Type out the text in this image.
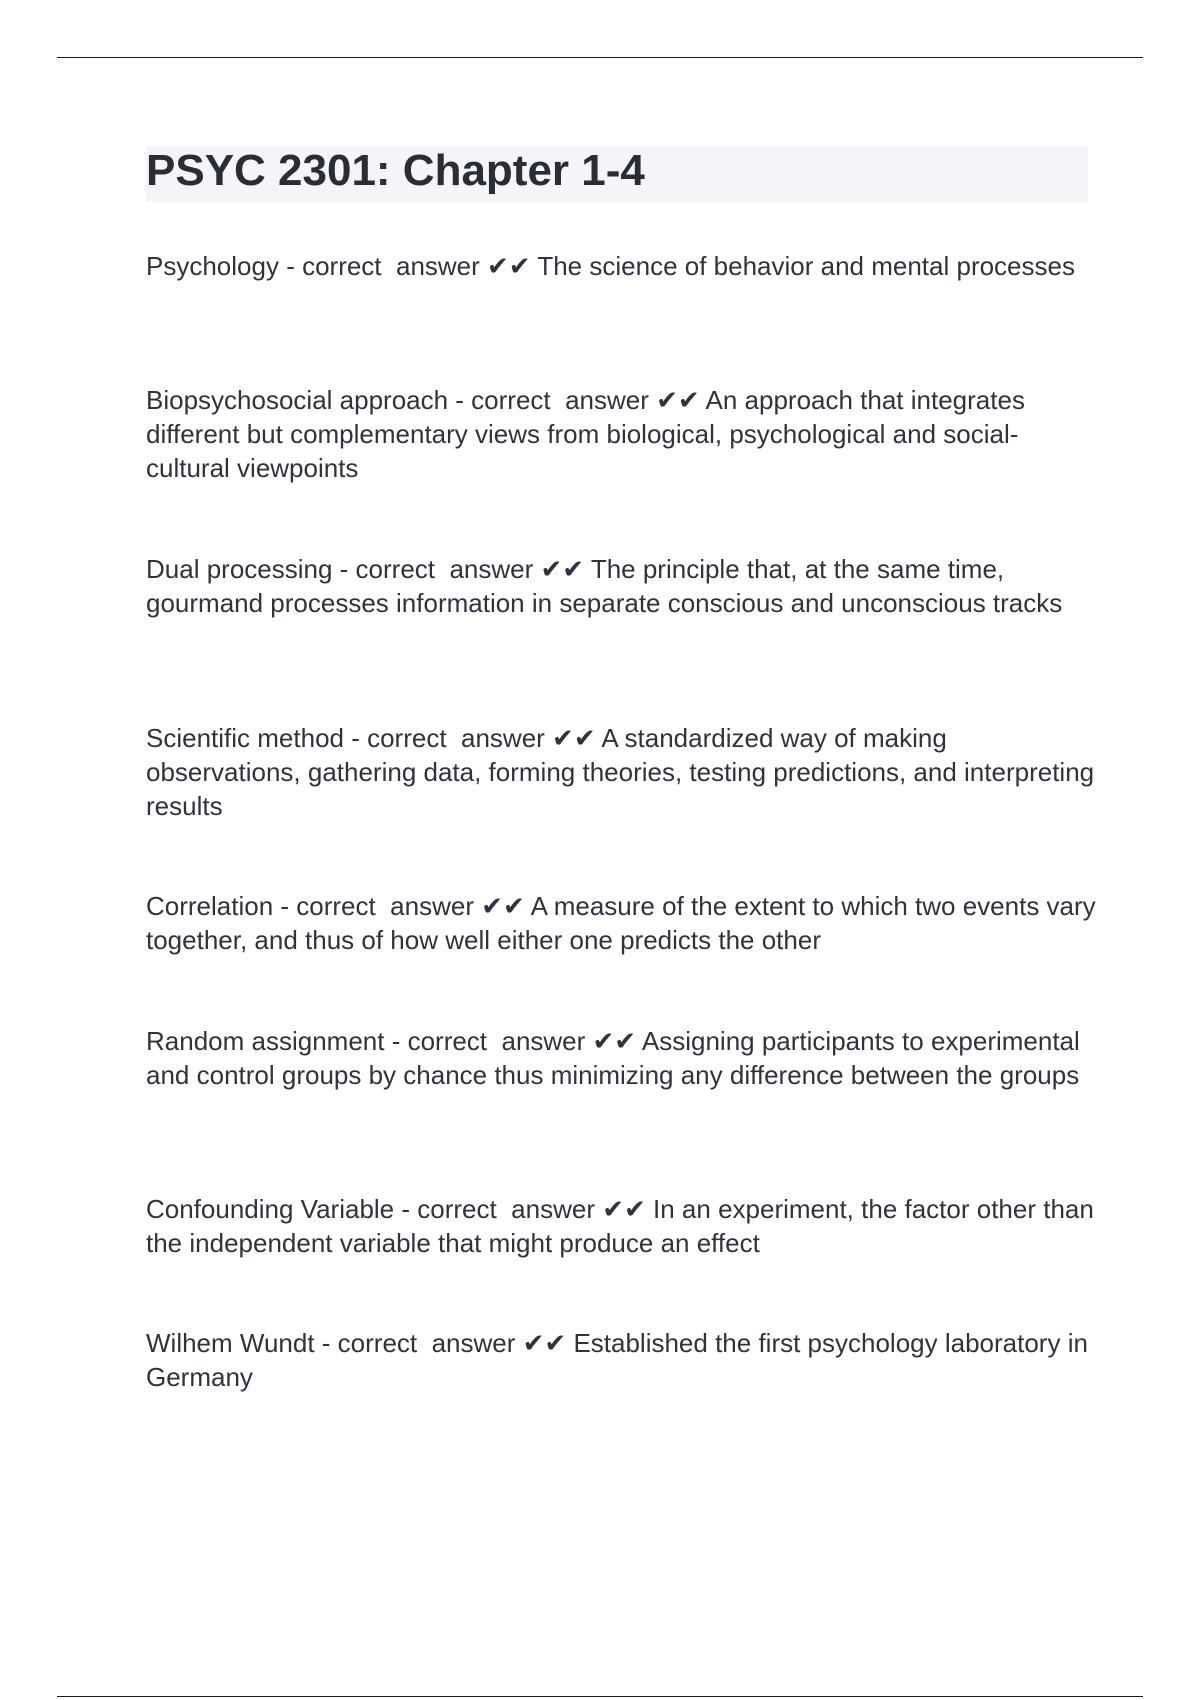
PSYC 2301: Chapter 1-4

Psychology - correct  answer ✔✔ The science of behavior and mental processes

Biopsychosocial approach - correct  answer ✔✔ An approach that integrates different but complementary views from biological, psychological and social-cultural viewpoints

Dual processing - correct  answer ✔✔ The principle that, at the same time, gourmand processes information in separate conscious and unconscious tracks

Scientific method - correct  answer ✔✔ A standardized way of making observations, gathering data, forming theories, testing predictions, and interpreting results

Correlation - correct  answer ✔✔ A measure of the extent to which two events vary together, and thus of how well either one predicts the other

Random assignment - correct  answer ✔✔ Assigning participants to experimental and control groups by chance thus minimizing any difference between the groups

Confounding Variable - correct  answer ✔✔ In an experiment, the factor other than the independent variable that might produce an effect

Wilhem Wundt - correct  answer ✔✔ Established the first psychology laboratory in Germany
